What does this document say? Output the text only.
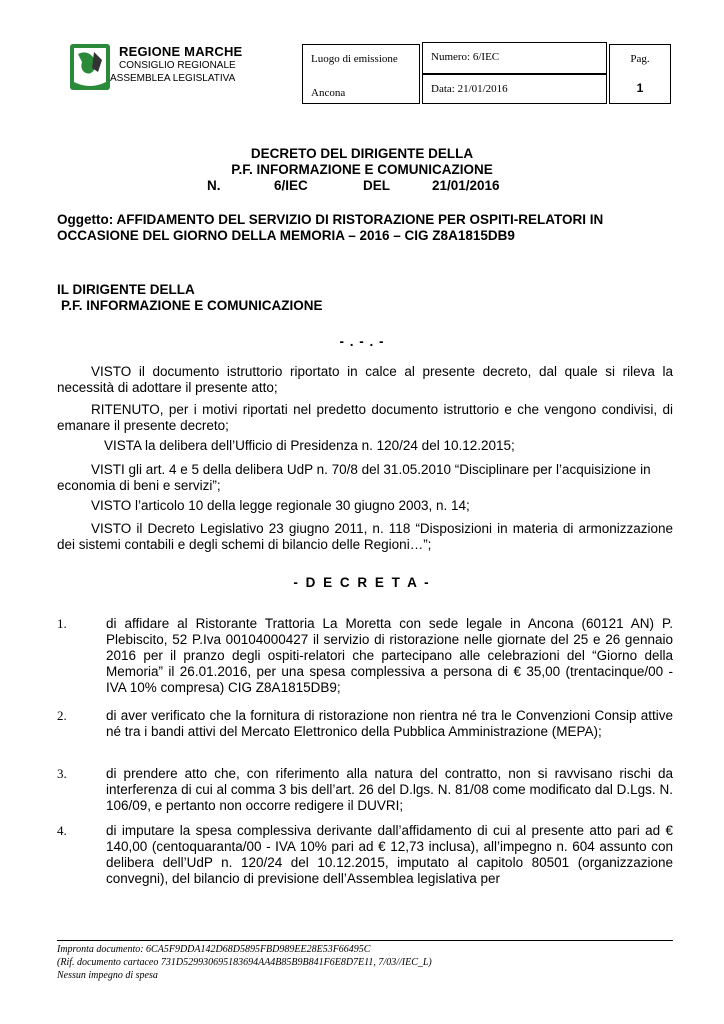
REGIONE MARCHE
CONSIGLIO REGIONALE
ASSEMBLEA LEGISLATIVA
Luogo di emissione
Ancona
Numero: 6/IEC
Data: 21/01/2016
Pag.
1
DECRETO DEL DIRIGENTE DELLA
P.F. INFORMAZIONE E COMUNICAZIONE
N.	6/IEC	DEL	21/01/2016
Oggetto: AFFIDAMENTO DEL SERVIZIO DI RISTORAZIONE PER OSPITI-RELATORI IN OCCASIONE DEL GIORNO DELLA MEMORIA – 2016 – CIG Z8A1815DB9
IL DIRIGENTE DELLA
P.F. INFORMAZIONE E COMUNICAZIONE
- . - . -
VISTO il documento istruttorio riportato in calce al presente decreto, dal quale si rileva la necessità di adottare il presente atto;
RITENUTO, per i motivi riportati nel predetto documento istruttorio e che vengono condivisi, di emanare il presente decreto;
VISTA la delibera dell’Ufficio di Presidenza n. 120/24 del 10.12.2015;
VISTI gli art. 4 e 5 della delibera UdP n. 70/8 del 31.05.2010 “Disciplinare per l’acquisizione in economia di beni e servizi”;
VISTO l’articolo 10 della legge regionale 30 giugno 2003, n. 14;
VISTO il Decreto Legislativo 23 giugno 2011, n. 118 “Disposizioni in materia di armonizzazione dei sistemi contabili e degli schemi di bilancio delle Regioni…”;
- D E C R E T A -
1.	di affidare al Ristorante Trattoria La Moretta con sede legale in Ancona (60121 AN) P. Plebiscito, 52 P.Iva 00104000427 il servizio di ristorazione nelle giornate del 25 e 26 gennaio 2016 per il pranzo degli ospiti-relatori che partecipano alle celebrazioni del “Giorno della Memoria” il 26.01.2016, per una spesa complessiva a persona di € 35,00 (trentacinque/00 - IVA 10% compresa) CIG Z8A1815DB9;
2.	di aver verificato che la fornitura di ristorazione non rientra né tra le Convenzioni Consip attive né tra i bandi attivi del Mercato Elettronico della Pubblica Amministrazione (MEPA);
3.	di prendere atto che, con riferimento alla natura del contratto, non si ravvisano rischi da interferenza di cui al comma 3 bis dell’art. 26 del D.lgs. N. 81/08 come modificato dal D.Lgs. N. 106/09, e pertanto non occorre redigere il DUVRI;
4.	di imputare la spesa complessiva derivante dall’affidamento di cui al presente atto pari ad € 140,00 (centoquaranta/00 - IVA 10% pari ad € 12,73 inclusa), all’impegno n. 604 assunto con delibera dell’UdP n. 120/24 del 10.12.2015, imputato al capitolo 80501 (organizzazione convegni), del bilancio di previsione dell’Assemblea legislativa per
Impronta documento: 6CA5F9DDA142D68D5895FBD989EE28E53F66495C
(Rif. documento cartaceo 731D529930695183694AA4B85B9B841F6E8D7E11, 7/03//IEC_L)
Nessun impegno di spesa
